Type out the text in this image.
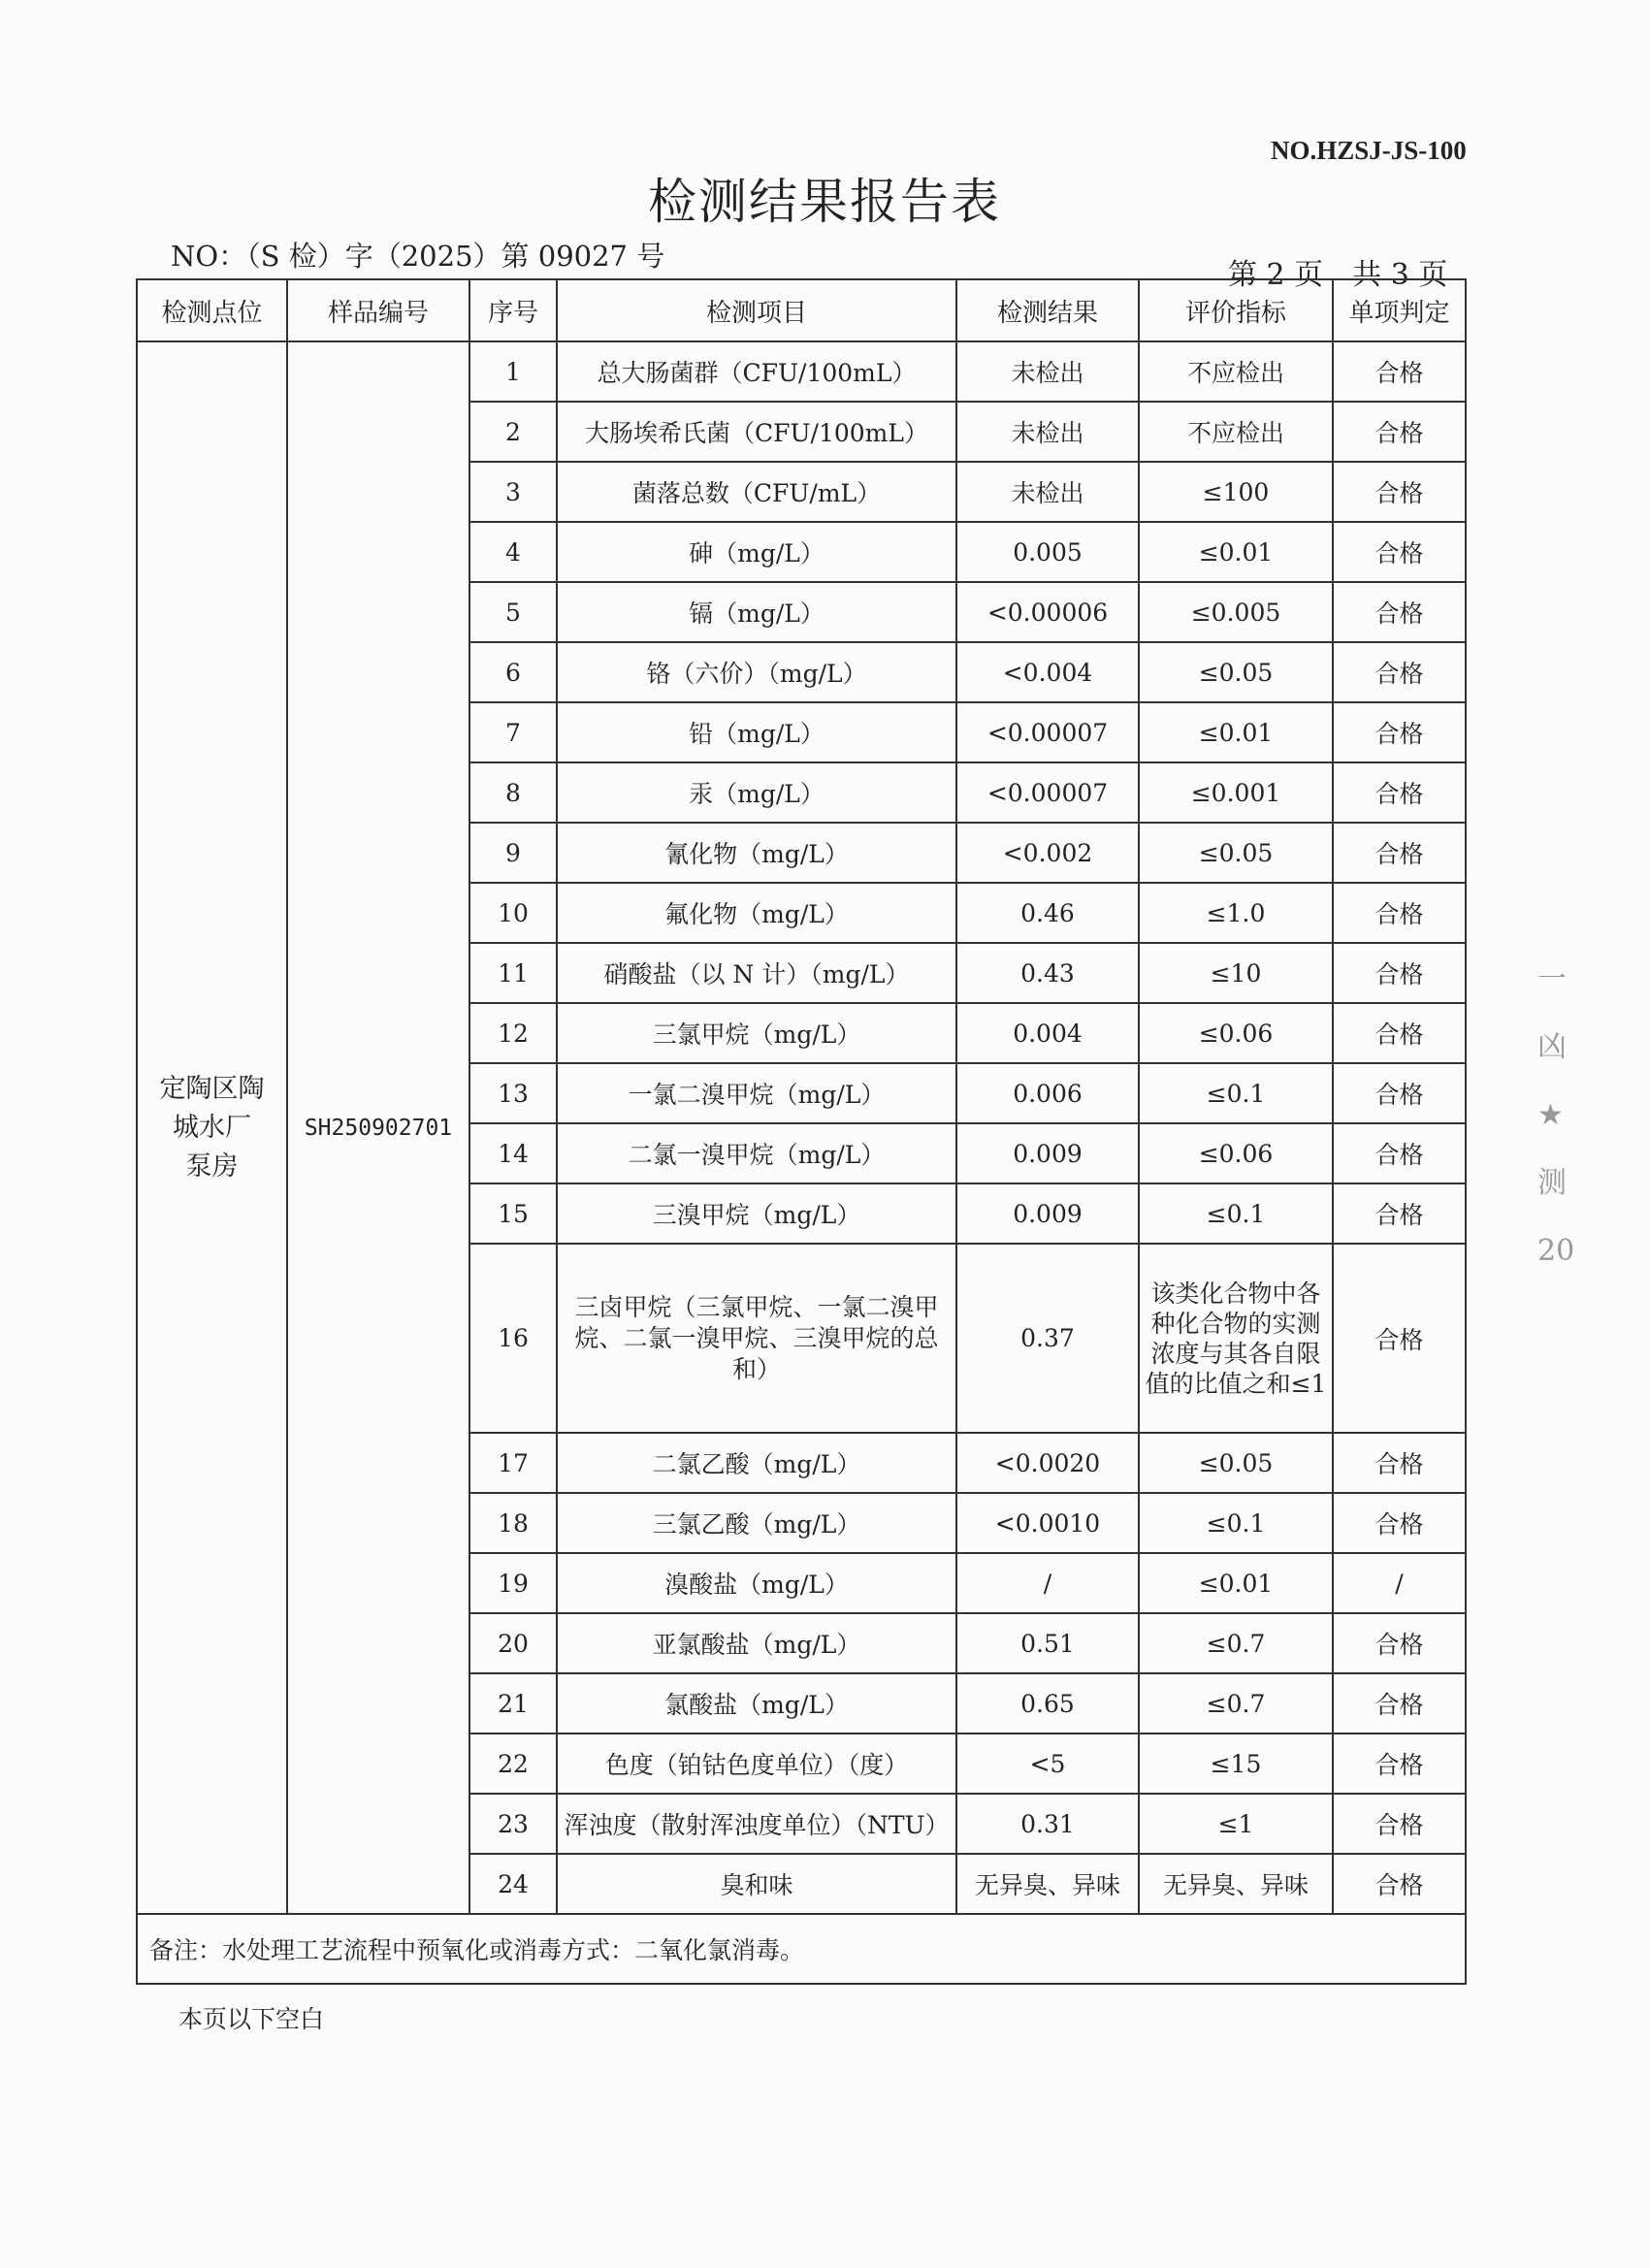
NO.HZSJ-JS-100
检测结果报告表
NO：（S 检）字（2025）第 09027 号
第 2 页　共 3 页
检测点位	样品编号	序号	检测项目	检测结果	评价指标	单项判定

定陶区陶
城水厂
泵房	SH250902701	1	总大肠菌群（CFU/100mL）	未检出	不应检出	合格
		2	大肠埃希氏菌（CFU/100mL）	未检出	不应检出	合格
		3	菌落总数（CFU/mL）	未检出	≤100	合格
		4	砷（mg/L）	0.005	≤0.01	合格
		5	镉（mg/L）	<0.00006	≤0.005	合格
		6	铬（六价）（mg/L）	<0.004	≤0.05	合格
		7	铅（mg/L）	<0.00007	≤0.01	合格
		8	汞（mg/L）	<0.00007	≤0.001	合格
		9	氰化物（mg/L）	<0.002	≤0.05	合格
		10	氟化物（mg/L）	0.46	≤1.0	合格
		11	硝酸盐（以 N 计）（mg/L）	0.43	≤10	合格
		12	三氯甲烷（mg/L）	0.004	≤0.06	合格
		13	一氯二溴甲烷（mg/L）	0.006	≤0.1	合格
		14	二氯一溴甲烷（mg/L）	0.009	≤0.06	合格
		15	三溴甲烷（mg/L）	0.009	≤0.1	合格
		16	三卤甲烷（三氯甲烷、一氯二溴甲烷、二氯一溴甲烷、三溴甲烷的总和）	0.37	该类化合物中各种化合物的实测浓度与其各自限值的比值之和≤1	合格
		17	二氯乙酸（mg/L）	<0.0020	≤0.05	合格
		18	三氯乙酸（mg/L）	<0.0010	≤0.1	合格
		19	溴酸盐（mg/L）	/	≤0.01	/
		20	亚氯酸盐（mg/L）	0.51	≤0.7	合格
		21	氯酸盐（mg/L）	0.65	≤0.7	合格
		22	色度（铂钴色度单位）（度）	<5	≤15	合格
		23	浑浊度（散射浑浊度单位）（NTU）	0.31	≤1	合格
		24	臭和味	无异臭、异味	无异臭、异味	合格
备注：水处理工艺流程中预氧化或消毒方式：二氧化氯消毒。						
本页以下空白
一
凶
★
测
20
